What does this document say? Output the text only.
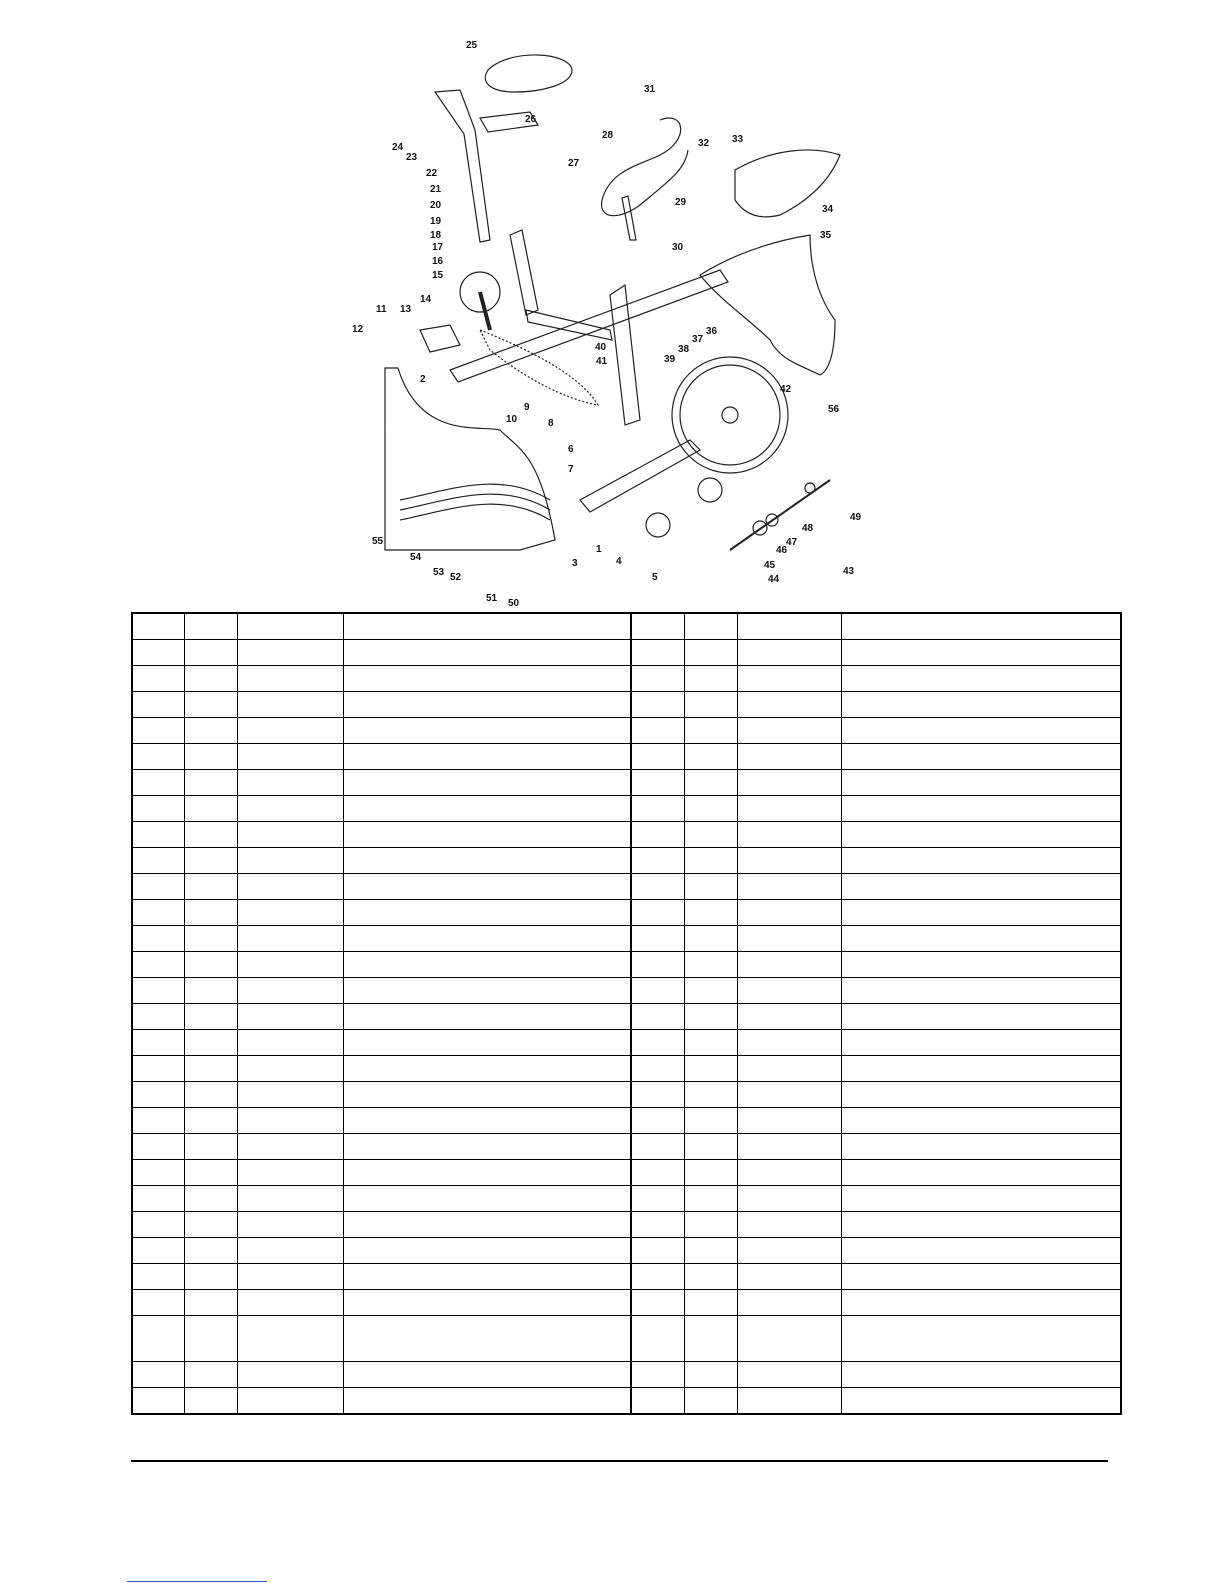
25
26
31
28
27
29
30
32 33
34
35
24
23
22
21
20
19
18
17
16
15
14
13
12
11
2
10
9
8
40
41	39
38
37
36
42
56
6
7
3
1
4
5
55
54
53 52
51 50
44
45
46
47
48
49
43
